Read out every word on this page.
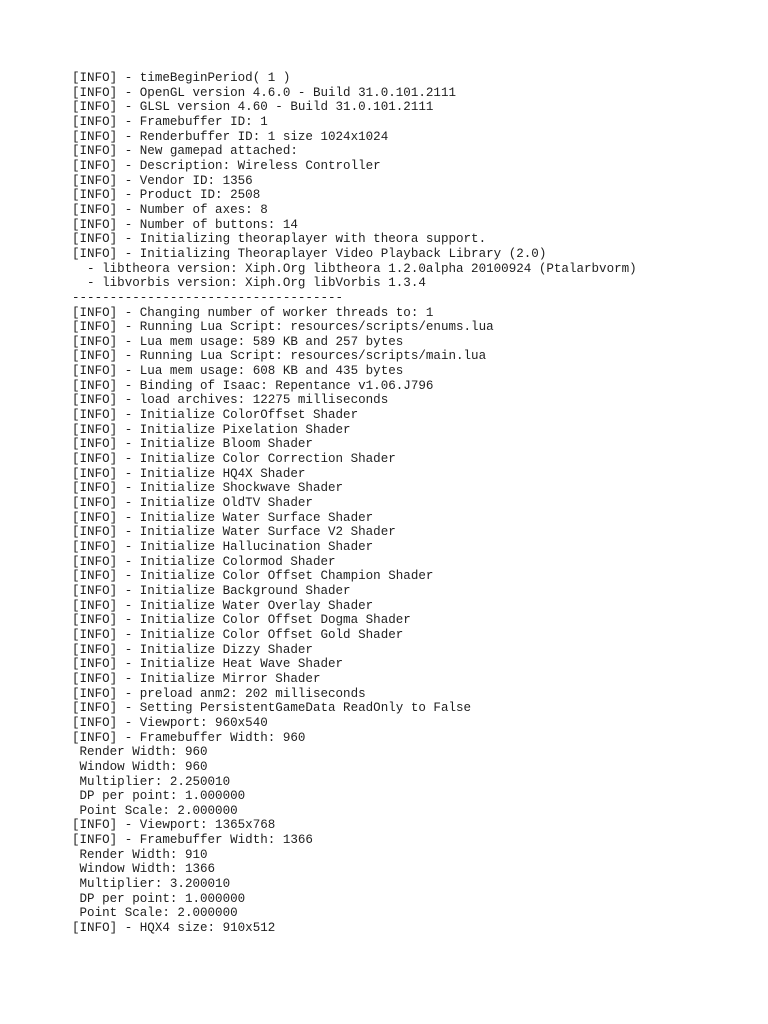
[INFO] - timeBeginPeriod( 1 )
[INFO] - OpenGL version 4.6.0 - Build 31.0.101.2111
[INFO] - GLSL version 4.60 - Build 31.0.101.2111
[INFO] - Framebuffer ID: 1
[INFO] - Renderbuffer ID: 1 size 1024x1024
[INFO] - New gamepad attached:
[INFO] - Description: Wireless Controller
[INFO] - Vendor ID: 1356
[INFO] - Product ID: 2508
[INFO] - Number of axes: 8
[INFO] - Number of buttons: 14
[INFO] - Initializing theoraplayer with theora support.
[INFO] - Initializing Theoraplayer Video Playback Library (2.0)
- libtheora version: Xiph.Org libtheora 1.2.0alpha 20100924 (Ptalarbvorm)
- libvorbis version: Xiph.Org libVorbis 1.3.4
------------------------------------
[INFO] - Changing number of worker threads to: 1
[INFO] - Running Lua Script: resources/scripts/enums.lua
[INFO] - Lua mem usage: 589 KB and 257 bytes
[INFO] - Running Lua Script: resources/scripts/main.lua
[INFO] - Lua mem usage: 608 KB and 435 bytes
[INFO] - Binding of Isaac: Repentance v1.06.J796
[INFO] - load archives: 12275 milliseconds
[INFO] - Initialize ColorOffset Shader
[INFO] - Initialize Pixelation Shader
[INFO] - Initialize Bloom Shader
[INFO] - Initialize Color Correction Shader
[INFO] - Initialize HQ4X Shader
[INFO] - Initialize Shockwave Shader
[INFO] - Initialize OldTV Shader
[INFO] - Initialize Water Surface Shader
[INFO] - Initialize Water Surface V2 Shader
[INFO] - Initialize Hallucination Shader
[INFO] - Initialize Colormod Shader
[INFO] - Initialize Color Offset Champion Shader
[INFO] - Initialize Background Shader
[INFO] - Initialize Water Overlay Shader
[INFO] - Initialize Color Offset Dogma Shader
[INFO] - Initialize Color Offset Gold Shader
[INFO] - Initialize Dizzy Shader
[INFO] - Initialize Heat Wave Shader
[INFO] - Initialize Mirror Shader
[INFO] - preload anm2: 202 milliseconds
[INFO] - Setting PersistentGameData ReadOnly to False
[INFO] - Viewport: 960x540
[INFO] - Framebuffer Width: 960
Render Width: 960
Window Width: 960
Multiplier: 2.250010
DP per point: 1.000000
Point Scale: 2.000000
[INFO] - Viewport: 1365x768
[INFO] - Framebuffer Width: 1366
Render Width: 910
Window Width: 1366
Multiplier: 3.200010
DP per point: 1.000000
Point Scale: 2.000000
[INFO] - HQX4 size: 910x512
